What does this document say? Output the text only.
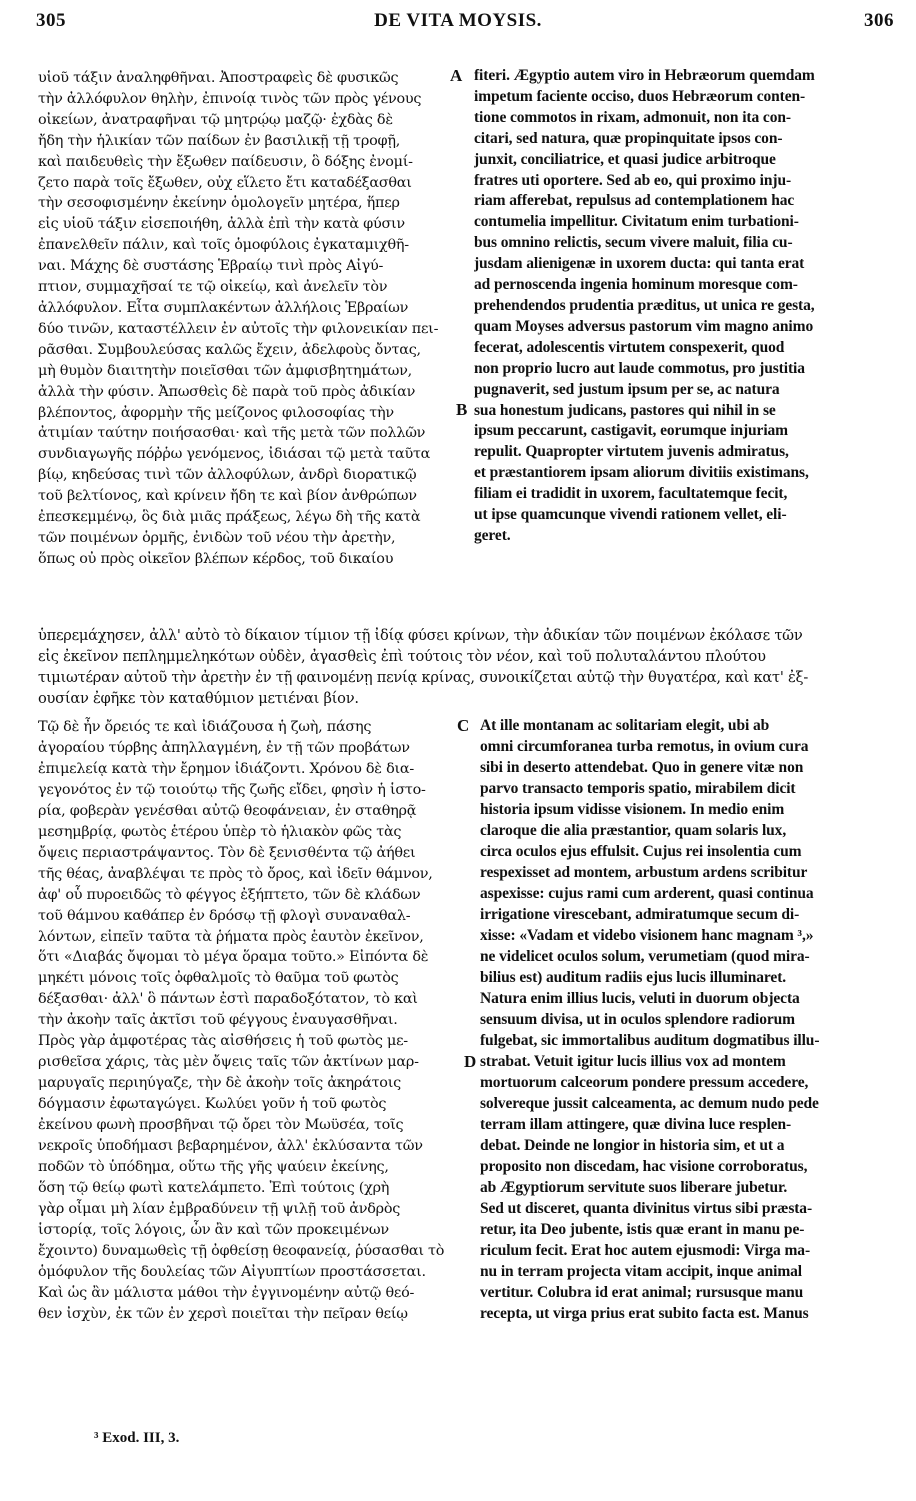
305	DE VITA MOYSIS.	306
υἱοῦ τάξιν ἀναληφθῆναι. Ἀποστραφεὶς δὲ φυσικῶς
τὴν ἀλλόφυλον θηλὴν, ἐπινοίᾳ τινὸς τῶν πρὸς γένους
οἰκείων, ἀνατραφῆναι τῷ μητρῴῳ μαζῷ· ἐχδὰς δὲ
ἤδη τὴν ἡλικίαν τῶν παίδων ἐν βασιλικῇ τῇ τροφῇ,
καὶ παιδευθεὶς τὴν ἔξωθεν παίδευσιν, ὃ δόξης ἐνομί-
ζετο παρὰ τοῖς ἔξωθεν, οὐχ εἵλετο ἔτι καταδέξασθαι
τὴν σεσοφισμένην ἐκείνην ὁμολογεῖν μητέρα, ἥπερ
εἰς υἱοῦ τάξιν εἰσεποιήθη, ἀλλὰ ἐπὶ τὴν κατὰ φύσιν
ἐπανελθεῖν πάλιν, καὶ τοῖς ὁμοφύλοις ἐγκαταμιχθῆ-
ναι. Μάχης δὲ συστάσης Ἑβραίῳ τινὶ πρὸς Αἰγύ-
πτιον, συμμαχῆσαί τε τῷ οἰκείῳ, καὶ ἀνελεῖν τὸν
ἀλλόφυλον. Εἶτα συμπλακέντων ἀλλήλοις Ἑβραίων
δύο τινῶν, καταστέλλειν ἐν αὐτοῖς τὴν φιλονεικίαν πει-
ρᾶσθαι. Συμβουλεύσας καλῶς ἔχειν, ἀδελφοὺς ὄντας,
μὴ θυμὸν διαιτητὴν ποιεῖσθαι τῶν ἀμφισβητημάτων,
ἀλλὰ τὴν φύσιν. Ἀπωσθεὶς δὲ παρὰ τοῦ πρὸς ἀδικίαν
βλέποντος, ἀφορμὴν τῆς μείζονος φιλοσοφίας τὴν
ἀτιμίαν ταύτην ποιήσασθαι· καὶ τῆς μετὰ τῶν πολλῶν
συνδιαγωγῆς πόῤῥω γενόμενος, ἰδιάσαι τῷ μετὰ ταῦτα
βίῳ, κηδεύσας τινὶ τῶν ἀλλοφύλων, ἀνδρὶ διορατικῷ
τοῦ βελτίονος, καὶ κρίνειν ἤδη τε καὶ βίον ἀνθρώπων
ἐπεσκεμμένῳ, ὃς διὰ μιᾶς πράξεως, λέγω δὴ τῆς κατὰ
τῶν ποιμένων ὁρμῆς, ἐνιδὼν τοῦ νέου τὴν ἀρετὴν,
ὅπως οὐ πρὸς οἰκεῖον βλέπων κέρδος, τοῦ δικαίου
fiteri. Ægyptio autem viro in Hebræorum quemdam
impetum faciente occiso, duos Hebræorum conten-
tione commotos in rixam, admonuit, non ita con-
citari, sed natura, quæ propinquitate ipsos con-
junxit, conciliatrice, et quasi judice arbitroque
fratres uti oportere. Sed ab eo, qui proximo inju-
riam afferebat, repulsus ad contemplationem hac
contumelia impellitur. Civitatum enim turbationi-
bus omnino relictis, secum vivere maluit, filia cu-
jusdam alienigenæ in uxorem ducta: qui tanta erat
ad pernoscenda ingenia hominum moresque com-
prehendendos prudentia præditus, ut unica re gesta,
quam Moyses adversus pastorum vim magno animo
fecerat, adolescentis virtutem conspexerit, quod
non proprio lucro aut laude commotus, pro justitia
pugnaverit, sed justum ipsum per se, ac natura
sua honestum judicans, pastores qui nihil in se
ipsum peccarunt, castigavit, eorumque injuriam
repulit. Quapropter virtutem juvenis admiratus,
et præstantiorem ipsam aliorum divitiis existimans,
filiam ei tradidit in uxorem, facultatemque fecit,
ut ipse quamcunque vivendi rationem vellet, eli-
geret.
ὑπερεμάχησεν, ἀλλ' αὐτὸ τὸ δίκαιον τίμιον τῇ ἰδίᾳ φύσει κρίνων, τὴν ἀδικίαν τῶν ποιμένων ἐκόλασε τῶν
εἰς ἐκεῖνον πεπλημμεληκότων οὐδὲν, ἀγασθεὶς ἐπὶ τούτοις τὸν νέον, καὶ τοῦ πολυταλάντου πλούτου
τιμιωτέραν αὐτοῦ τὴν ἀρετὴν ἐν τῇ φαινομένῃ πενίᾳ κρίνας, συνοικίζεται αὐτῷ τὴν θυγατέρα, καὶ κατ' ἐξ-
ουσίαν ἐφῆκε τὸν καταθύμιον μετιέναι βίον.
Τῷ δὲ ἦν ὄρειός τε καὶ ἰδιάζουσα ἡ ζωὴ, πάσης
ἀγοραίου τύρβης ἀπηλλαγμένη, ἐν τῇ τῶν προβάτων
ἐπιμελείᾳ κατὰ τὴν ἔρημον ἰδιάζοντι. Χρόνου δὲ δια-
γεγονότος ἐν τῷ τοιούτῳ τῆς ζωῆς εἴδει, φησὶν ἡ ἱστο-
ρία, φοβερὰν γενέσθαι αὐτῷ θεοφάνειαν, ἐν σταθηρᾷ
μεσημβρίᾳ, φωτὸς ἑτέρου ὑπὲρ τὸ ἡλιακὸν φῶς τὰς
ὄψεις περιαστράψαντος. Τὸν δὲ ξενισθέντα τῷ ἀήθει
τῆς θέας, ἀναβλέψαι τε πρὸς τὸ ὄρος, καὶ ἰδεῖν θάμνον,
ἀφ' οὗ πυροειδῶς τὸ φέγγος ἐξήπτετο, τῶν δὲ κλάδων
τοῦ θάμνου καθάπερ ἐν δρόσῳ τῇ φλογὶ συναναθαλ-
λόντων, εἰπεῖν ταῦτα τὰ ῥήματα πρὸς ἑαυτὸν ἐκεῖνον,
ὅτι «Διαβάς ὄψομαι τὸ μέγα ὅραμα τοῦτο.» Εἰπόντα δὲ
μηκέτι μόνοις τοῖς ὀφθαλμοῖς τὸ θαῦμα τοῦ φωτὸς
δέξασθαι· ἀλλ' ὃ πάντων ἐστὶ παραδοξότατον, τὸ καὶ
τὴν ἀκοὴν ταῖς ἀκτῖσι τοῦ φέγγους ἐναυγασθῆναι.
Πρὸς γὰρ ἀμφοτέρας τὰς αἰσθήσεις ἡ τοῦ φωτὸς με-
ρισθεῖσα χάρις, τὰς μὲν ὄψεις ταῖς τῶν ἀκτίνων μαρ-
μαρυγαῖς περιηύγαζε, τὴν δὲ ἀκοὴν τοῖς ἀκηράτοις
δόγμασιν ἐφωταγώγει. Κωλύει γοῦν ἡ τοῦ φωτὸς
ἐκείνου φωνὴ προσβῆναι τῷ ὄρει τὸν Μωϋσέα, τοῖς
νεκροῖς ὑποδήμασι βεβαρημένον, ἀλλ' ἐκλύσαντα τῶν
ποδῶν τὸ ὑπόδημα, οὕτω τῆς γῆς ψαύειν ἐκείνης,
ὅση τῷ θείῳ φωτὶ κατελάμπετο. Ἐπὶ τούτοις (χρὴ
γὰρ οἶμαι μὴ λίαν ἐμβραδύνειν τῇ ψιλῇ τοῦ ἀνδρὸς
ἱστορίᾳ, τοῖς λόγοις, ὧν ἂν καὶ τῶν προκειμένων
ἔχοιντο) δυναμωθεὶς τῇ ὀφθείσῃ θεοφανείᾳ, ῥύσασθαι τὸ
ὁμόφυλον τῆς δουλείας τῶν Αἰγυπτίων προστάσσεται.
Καὶ ὡς ἂν μάλιστα μάθοι τὴν ἐγγινομένην αὐτῷ θεό-
θεν ἰσχὺν, ἐκ τῶν ἐν χερσὶ ποιεῖται τὴν πεῖραν θείῳ
At ille montanam ac solitariam elegit, ubi ab
omni circumforanea turba remotus, in ovium cura
sibi in deserto attendebat. Quo in genere vitæ non
parvo transacto temporis spatio, mirabilem dicit
historia ipsum vidisse visionem. In medio enim
claroque die alia præstantior, quam solaris lux,
circa oculos ejus effulsit. Cujus rei insolentia cum
respexisset ad montem, arbustum ardens scribitur
aspexisse: cujus rami cum arderent, quasi continua
irrigatione virescebant, admiratumque secum di-
xisse: «Vadam et videbo visionem hanc magnam ³,»
ne videlicet oculos solum, verumetiam (quod mira-
bilius est) auditum radiis ejus lucis illuminaret.
Natura enim illius lucis, veluti in duorum objecta
sensuum divisa, ut in oculos splendore radiorum
fulgebat, sic immortalibus auditum dogmatibus illu-
strabat. Vetuit igitur lucis illius vox ad montem
mortuorum calceorum pondere pressum accedere,
solvereque jussit calceamenta, ac demum nudo pede
terram illam attingere, quæ divina luce resplen-
debat. Deinde ne longior in historia sim, et ut a
proposito non discedam, hac visione corroboratus,
ab Ægyptiorum servitute suos liberare jubetur.
Sed ut disceret, quanta divinitus virtus sibi præsta-
retur, ita Deo jubente, istis quæ erant in manu pe-
riculum fecit. Erat hoc autem ejusmodi: Virga ma-
nu in terram projecta vitam accipit, inque animal
vertitur. Colubra id erat animal; rursusque manu
recepta, ut virga prius erat subito facta est. Manus
A
B
C
D
³ Exod. III, 3.
